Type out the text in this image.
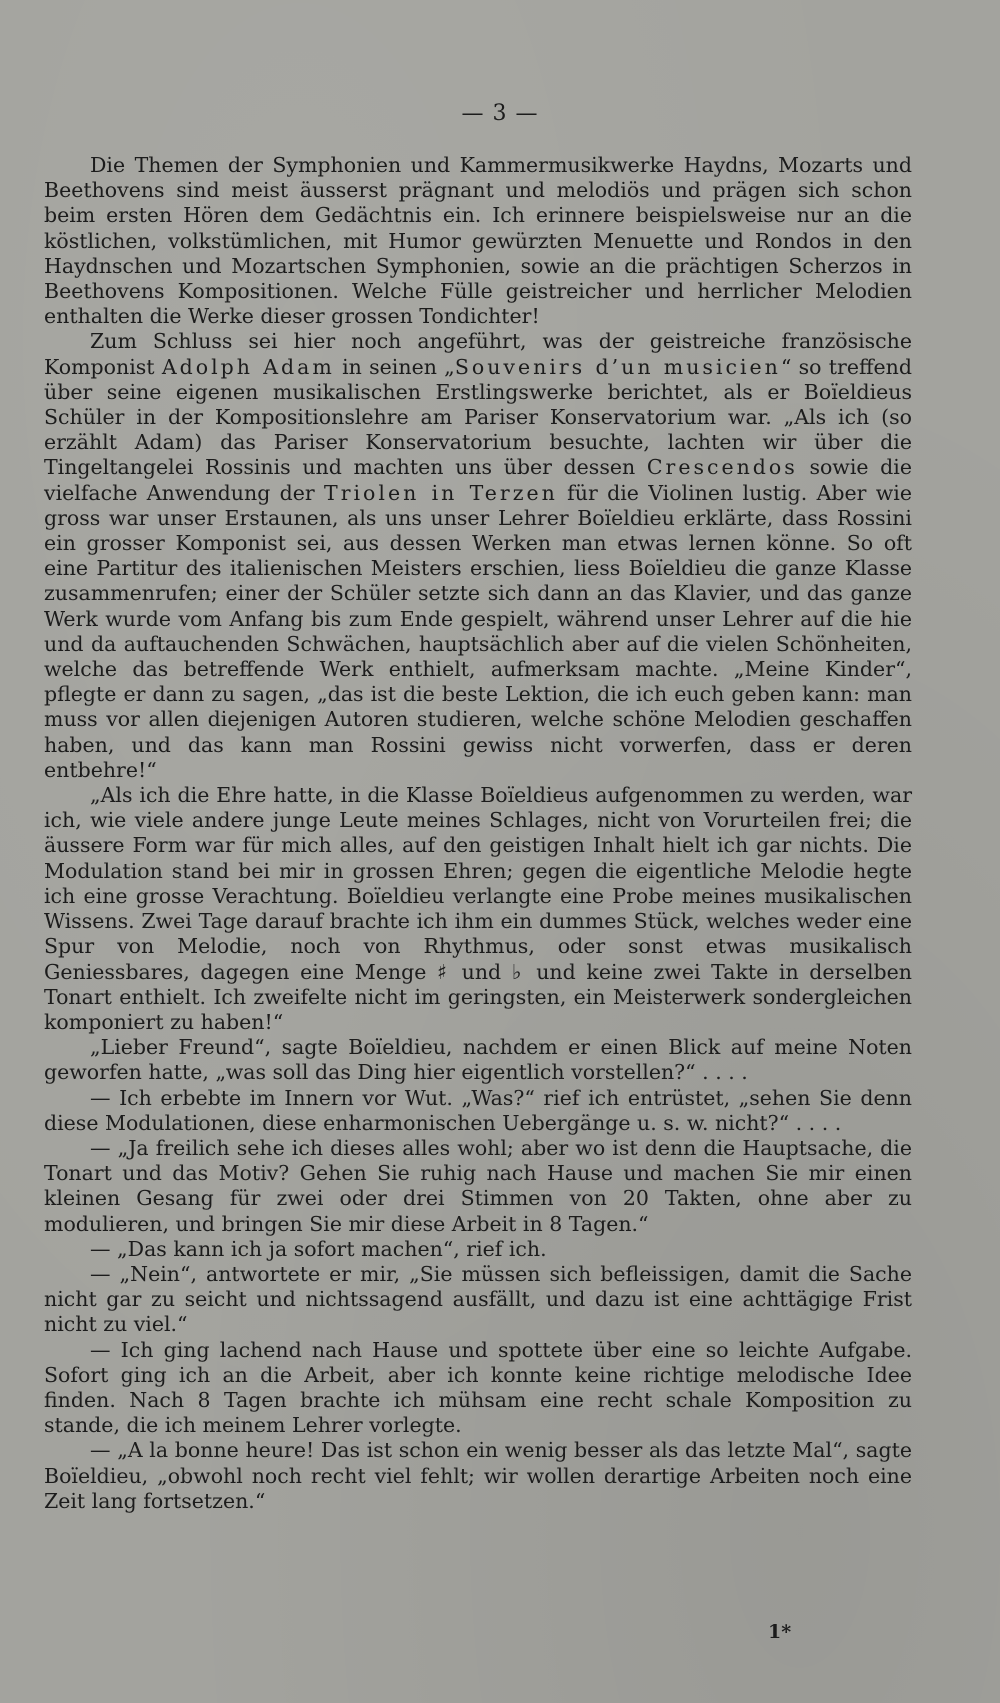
— 3 —

Die Themen der Symphonien und Kammermusikwerke Haydns, Mozarts und Beethovens sind meist äusserst prägnant und melodiös und prägen sich schon beim ersten Hören dem Gedächtnis ein. Ich erinnere beispielsweise nur an die köstlichen, volkstümlichen, mit Humor gewürzten Menuette und Rondos in den Haydnschen und Mozartschen Symphonien, sowie an die prächtigen Scherzos in Beethovens Kompositionen. Welche Fülle geistreicher und herrlicher Melodien enthalten die Werke dieser grossen Tondichter!

Zum Schluss sei hier noch angeführt, was der geistreiche französische Komponist Adolph Adam in seinen „Souvenirs d’un musicien“ so treffend über seine eigenen musikalischen Erstlingswerke berichtet, als er Boïeldieus Schüler in der Kompositionslehre am Pariser Konservatorium war. „Als ich (so erzählt Adam) das Pariser Konservatorium besuchte, lachten wir über die Tingeltangelei Rossinis und machten uns über dessen Crescendos sowie die vielfache Anwendung der Triolen in Terzen für die Violinen lustig. Aber wie gross war unser Erstaunen, als uns unser Lehrer Boïeldieu erklärte, dass Rossini ein grosser Komponist sei, aus dessen Werken man etwas lernen könne. So oft eine Partitur des italienischen Meisters erschien, liess Boïeldieu die ganze Klasse zusammenrufen; einer der Schüler setzte sich dann an das Klavier, und das ganze Werk wurde vom Anfang bis zum Ende gespielt, während unser Lehrer auf die hie und da auftauchenden Schwächen, hauptsächlich aber auf die vielen Schönheiten, welche das betreffende Werk enthielt, aufmerksam machte. „Meine Kinder“, pflegte er dann zu sagen, „das ist die beste Lektion, die ich euch geben kann: man muss vor allen diejenigen Autoren studieren, welche schöne Melodien geschaffen haben, und das kann man Rossini gewiss nicht vorwerfen, dass er deren entbehre!“

„Als ich die Ehre hatte, in die Klasse Boïeldieus aufgenommen zu werden, war ich, wie viele andere junge Leute meines Schlages, nicht von Vorurteilen frei; die äussere Form war für mich alles, auf den geistigen Inhalt hielt ich gar nichts. Die Modulation stand bei mir in grossen Ehren; gegen die eigentliche Melodie hegte ich eine grosse Verachtung. Boïeldieu verlangte eine Probe meines musikalischen Wissens. Zwei Tage darauf brachte ich ihm ein dummes Stück, welches weder eine Spur von Melodie, noch von Rhythmus, oder sonst etwas musikalisch Geniessbares, dagegen eine Menge ♯ und ♭ und keine zwei Takte in derselben Tonart enthielt. Ich zweifelte nicht im geringsten, ein Meisterwerk sondergleichen komponiert zu haben!“

„Lieber Freund“, sagte Boïeldieu, nachdem er einen Blick auf meine Noten geworfen hatte, „was soll das Ding hier eigentlich vorstellen?“ . . . .

— Ich erbebte im Innern vor Wut. „Was?“ rief ich entrüstet, „sehen Sie denn diese Modulationen, diese enharmonischen Uebergänge u. s. w. nicht?“ . . . .

— „Ja freilich sehe ich dieses alles wohl; aber wo ist denn die Hauptsache, die Tonart und das Motiv? Gehen Sie ruhig nach Hause und machen Sie mir einen kleinen Gesang für zwei oder drei Stimmen von 20 Takten, ohne aber zu modulieren, und bringen Sie mir diese Arbeit in 8 Tagen.“

— „Das kann ich ja sofort machen“, rief ich.

— „Nein“, antwortete er mir, „Sie müssen sich befleissigen, damit die Sache nicht gar zu seicht und nichtssagend ausfällt, und dazu ist eine achttägige Frist nicht zu viel.“

— Ich ging lachend nach Hause und spottete über eine so leichte Aufgabe. Sofort ging ich an die Arbeit, aber ich konnte keine richtige melodische Idee finden. Nach 8 Tagen brachte ich mühsam eine recht schale Komposition zu stande, die ich meinem Lehrer vorlegte.

— „A la bonne heure! Das ist schon ein wenig besser als das letzte Mal“, sagte Boïeldieu, „obwohl noch recht viel fehlt; wir wollen derartige Arbeiten noch eine Zeit lang fortsetzen.“

1*
